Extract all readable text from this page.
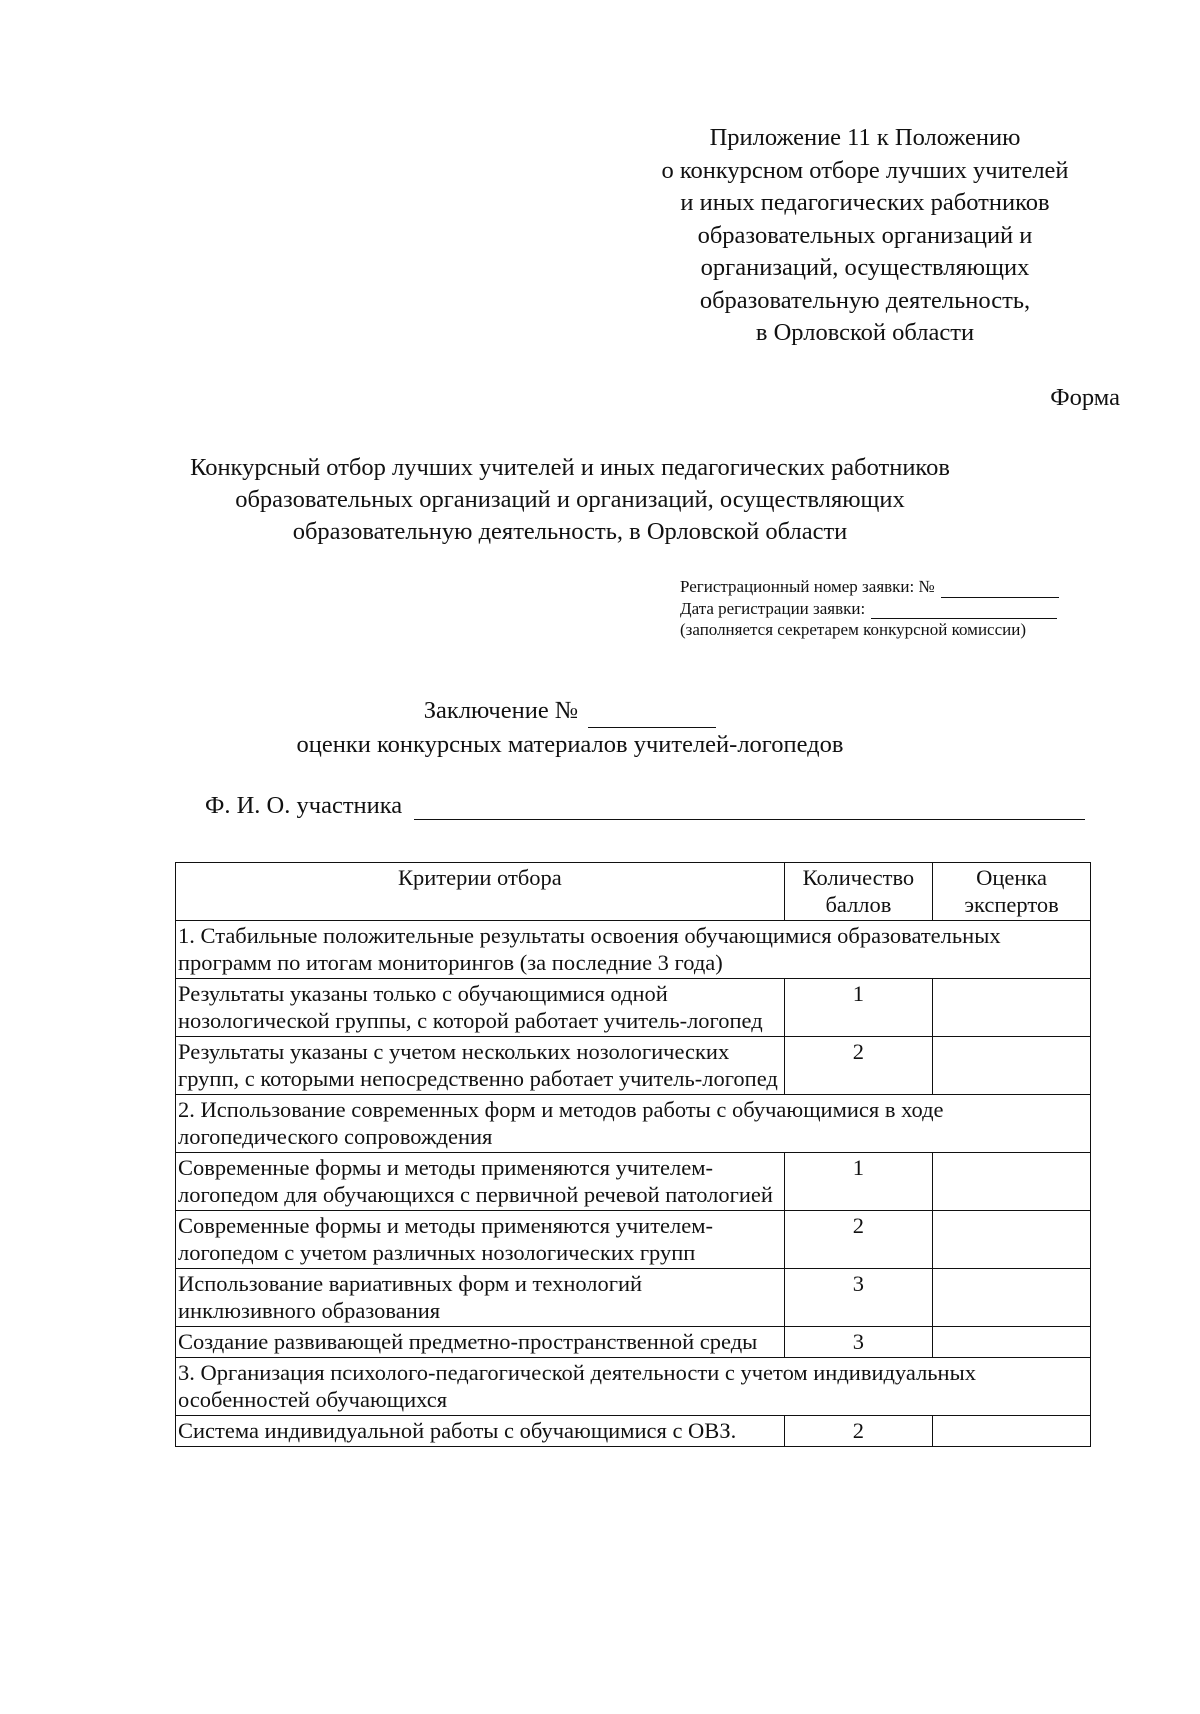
Приложение 11 к Положению
о конкурсном отборе лучших учителей
и иных педагогических работников
образовательных организаций и
организаций, осуществляющих
образовательную деятельность,
в Орловской области
Форма
Конкурсный отбор лучших учителей и иных педагогических работников
образовательных организаций и организаций, осуществляющих
образовательную деятельность, в Орловской области
Регистрационный номер заявки: №
Дата регистрации заявки:
(заполняется секретарем конкурсной комиссии)
Заключение №
оценки конкурсных материалов учителей-логопедов
Ф. И. О. участника
Критерии отбора	Количество баллов	Оценка экспертов
1. Стабильные положительные результаты освоения обучающимися образовательных программ по итогам мониторингов (за последние 3 года)		
Результаты указаны только с обучающимися одной нозологической группы, с которой работает учитель-логопед	1	
Результаты указаны с учетом нескольких нозологических групп, с которыми непосредственно работает учитель-логопед	2	
2. Использование современных форм и методов работы с обучающимися в ходе логопедического сопровождения		
Современные формы и методы применяются учителем-логопедом для обучающихся с первичной речевой патологией	1	
Современные формы и методы применяются учителем-логопедом с учетом различных нозологических групп	2	
Использование вариативных форм и технологий инклюзивного образования	3	
Создание развивающей предметно-пространственной среды	3	
3. Организация психолого-педагогической деятельности с учетом индивидуальных особенностей обучающихся		
Система индивидуальной работы с обучающимися с ОВЗ.	2	
